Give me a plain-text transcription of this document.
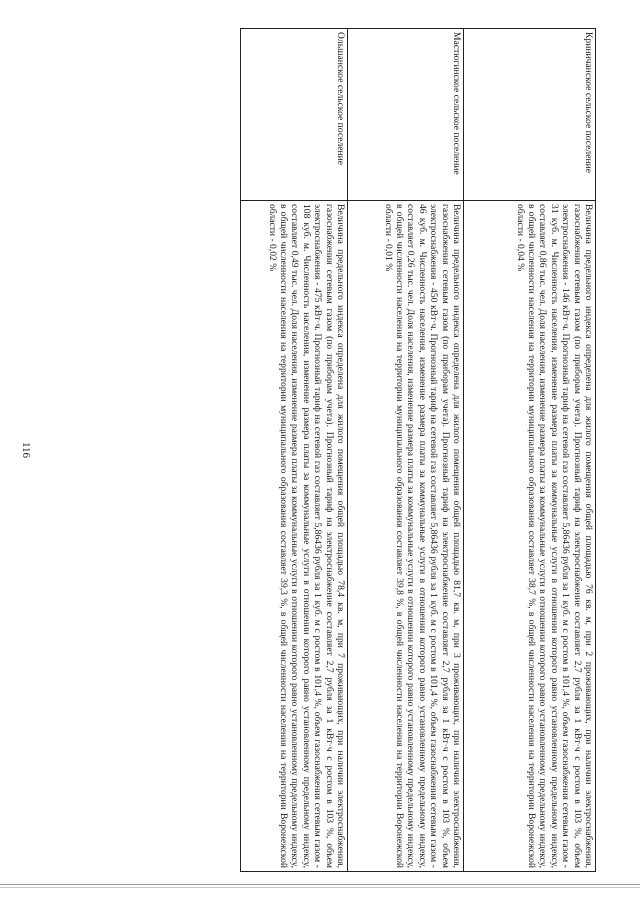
116
Криничанское сельское поселение	Величина предельного индекса определена для жилого помещения общей площадью 76 кв. м, при 2 проживающих, при наличии электроснабжения, газоснабжения сетевым газом (по приборам учета). Прогнозный тариф на электроснабжение составляет 2,7 рубля за 1 кВт·ч с ростом в 103 %, объем электроснабжения - 146 кВт·ч. Прогнозный тариф на сетевой газ составляет 5,86436 рубля за 1 куб. м с ростом в 101,4 %, объем газоснабжения сетевым газом - 31 куб. м. Численность населения, изменение размера платы за коммунальные услуги в отношении которого равно установленному предельному индексу, составляет 0,86 тыс. чел. Доля населения, изменение размера платы за коммунальные услуги в отношении которого равно установленному предельному индексу, в общей численности населения на территории муниципального образования составляет 38,7 %, в общей численности населения на территории Воронежской области - 0,04 %
Мастюгинское сельское поселение	Величина предельного индекса определена для жилого помещения общей площадью 81,7 кв. м, при 3 проживающих, при наличии электроснабжения, газоснабжения сетевым газом (по приборам учета). Прогнозный тариф на электроснабжение составляет 2,7 рубля за 1 кВт·ч с ростом в 103 %, объем электроснабжения - 450 кВт·ч. Прогнозный тариф на сетевой газ составляет 5,86436 рубля за 1 куб. м с ростом в 101,4 %, объем газоснабжения сетевым газом - 46 куб. м. Численность населения, изменение размера платы за коммунальные услуги в отношении которого равно установленному предельному индексу, составляет 0,26 тыс. чел. Доля населения, изменение размера платы за коммунальные услуги в отношении которого равно установленному предельному индексу, в общей численности населения на территории муниципального образования составляет 39,8 %, в общей численности населения на территории Воронежской области - 0,01 %
Ольшанское сельское поселение	Величина предельного индекса определена для жилого помещения общей площадью 78,4 кв. м, при 7 проживающих, при наличии электроснабжения, газоснабжения сетевым газом (по приборам учета). Прогнозный тариф на электроснабжение составляет 2,7 рубля за 1 кВт·ч с ростом в 103 %, объем электроснабжения - 475 кВт·ч. Прогнозный тариф на сетевой газ составляет 5,86436 рубля за 1 куб. м с ростом в 101,4 %, объем газоснабжения сетевым газом - 108 куб. м. Численность населения, изменение размера платы за коммунальные услуги в отношении которого равно установленному предельному индексу, составляет 0,49 тыс. чел. Доля населения, изменение размера платы за коммунальные услуги в отношении которого равно установленному предельному индексу, в общей численности населения на территории муниципального образования составляет 39,3 %, в общей численности населения на территории Воронежской области - 0,02 %
